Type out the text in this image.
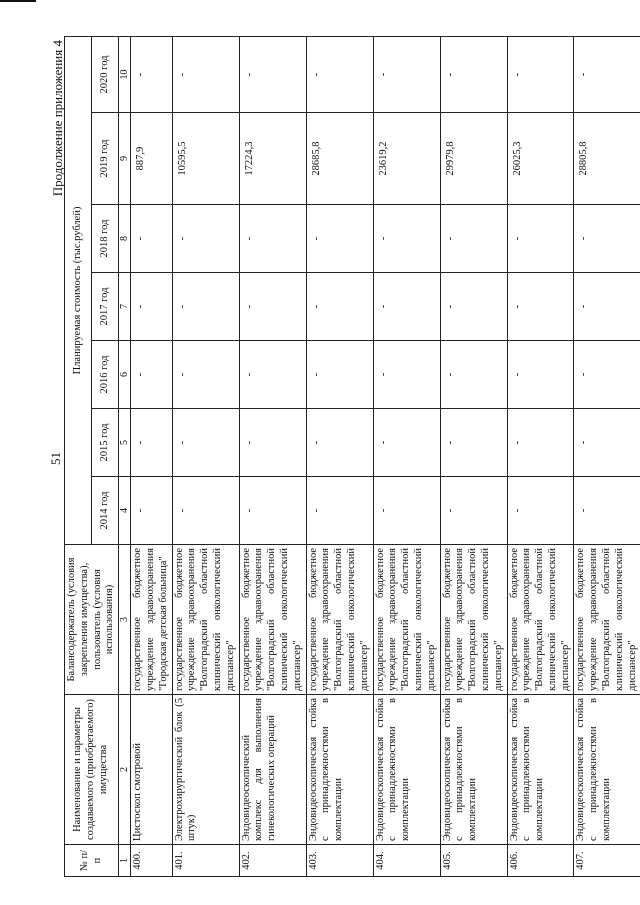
51
Продолжение приложения 4
№ п/п	Наименование и параметры создаваемого (приобретаемого) имущества	Балансодержатель (условия закрепления имущества), пользователь (условия использования)	Планируемая стоимость (тыс.рублей)						
			2014 год	2015 год	2016 год	2017 год	2018 год	2019 год	2020 год
1	2	3	4	5	6	7	8	9	10
400.	Цистоскоп смотровой	государственное бюджетное учреждение здравоохранения "Городская детская больница"	-	-	-	-	-	887,9	-
401.	Электрохирургический блок (5 штук)	государственное бюджетное учреждение здравоохранения "Волгоградский областной клинический онкологический диспансер"	-	-	-	-	-	10595,5	-
402.	Эндовидеоскопический комплекс для выполнения гинекологических операций	государственное бюджетное учреждение здравоохранения "Волгоградский областной клинический онкологический диспансер"	-	-	-	-	-	17224,3	-
403.	Эндовидеоскопическая стойка с принадлежностями в комплектации	государственное бюджетное учреждение здравоохранения "Волгоградский областной клинический онкологический диспансер"	-	-	-	-	-	28685,8	-
404.	Эндовидеоскопическая стойка с принадлежностями в комплектации	государственное бюджетное учреждение здравоохранения "Волгоградский областной клинический онкологический диспансер"	-	-	-	-	-	23619,2	-
405.	Эндовидеоскопическая стойка с принадлежностями в комплектации	государственное бюджетное учреждение здравоохранения "Волгоградский областной клинический онкологический диспансер"	-	-	-	-	-	29979,8	-
406.	Эндовидеоскопическая стойка с принадлежностями в комплектации	государственное бюджетное учреждение здравоохранения "Волгоградский областной клинический онкологический диспансер"	-	-	-	-	-	26025,3	-
407.	Эндовидеоскопическая стойка с принадлежностями в комплектации	государственное бюджетное учреждение здравоохранения "Волгоградский областной клинический онкологический диспансер"	-	-	-	-	-	28805,8	-
